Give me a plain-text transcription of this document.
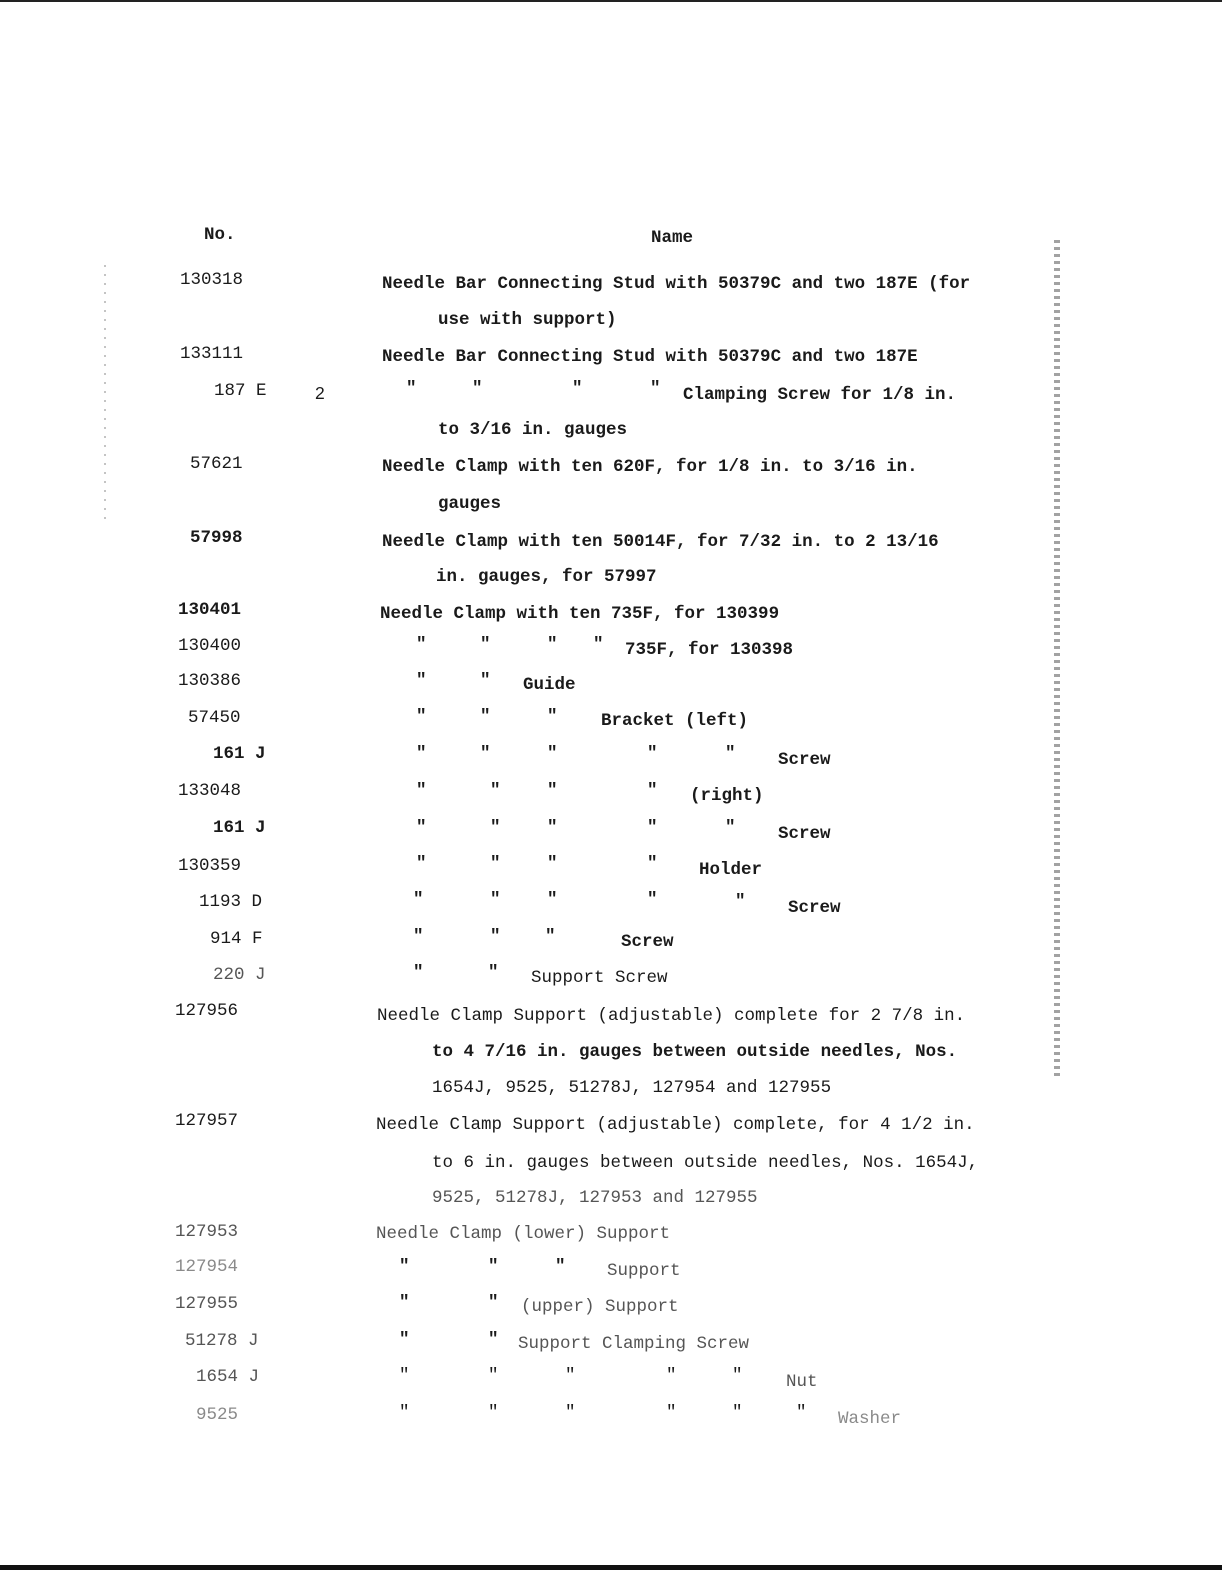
No.	Name
130318	Needle Bar Connecting Stud with 50379C and two 187E (for
use with support)
133111	Needle Bar Connecting Stud with 50379C and two 187E
187 E	2	"	"	"	" Clamping Screw for 1/8 in.
to 3/16 in. gauges
57621	Needle Clamp with ten 620F, for 1/8 in. to 3/16 in.
gauges
57998	Needle Clamp with ten 50014F, for 7/32 in. to 2 13/16
in. gauges, for 57997
130401	Needle Clamp with ten 735F, for 130399
130400	"	"	" " 735F, for 130398
130386	"	" Guide
57450	"	"	" Bracket (left)
161 J	"	"	"	"	" Screw
133048	"	"	"	" (right)
161 J	"	"	"	"	" Screw
130359	"	"	"	" Holder
1193 D	"	"	"	"	" Screw
914 F	"	"	"	Screw
220 J	"	" Support Screw
127956	Needle Clamp Support (adjustable) complete for 2 7/8 in.
to 4 7/16 in. gauges between outside needles, Nos.
1654J, 9525, 51278J, 127954 and 127955
127957	Needle Clamp Support (adjustable) complete, for 4 1/2 in.
to 6 in. gauges between outside needles, Nos. 1654J,
9525, 51278J, 127953 and 127955
127953	Needle Clamp (lower) Support
127954	"	"	" Support
127955	"	" (upper) Support
51278 J	"	" Support Clamping Screw
1654 J	"	"	"	"	" Nut
9525	"	"	"	"	"	" Washer
